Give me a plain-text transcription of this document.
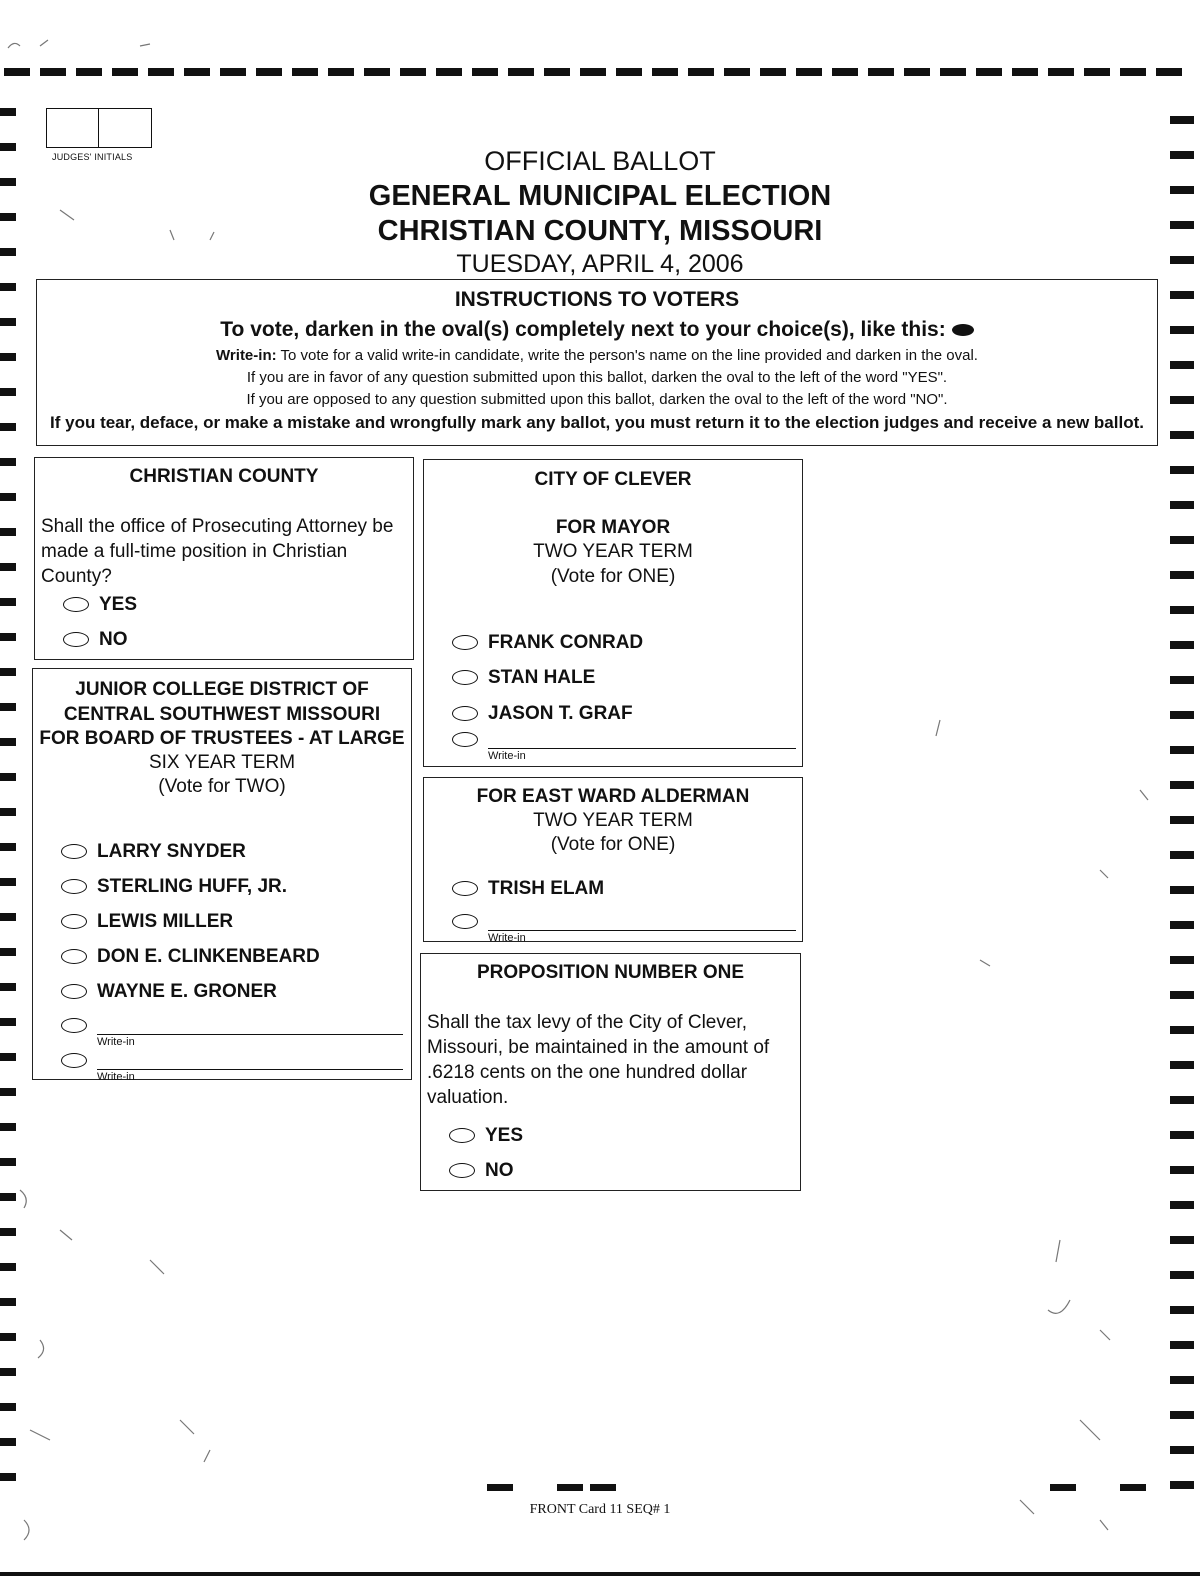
JUDGES' INITIALS	OFFICIAL BALLOT
GENERAL MUNICIPAL ELECTION
CHRISTIAN COUNTY, MISSOURI
TUESDAY, APRIL 4, 2006
INSTRUCTIONS TO VOTERS
To vote, darken in the oval(s) completely next to your choice(s), like this:
Write-in: To vote for a valid write-in candidate, write the person's name on the line provided and darken in the oval.
If you are in favor of any question submitted upon this ballot, darken the oval to the left of the word "YES".
If you are opposed to any question submitted upon this ballot, darken the oval to the left of the word "NO".
If you tear, deface, or make a mistake and wrongfully mark any ballot, you must return it to the election judges and receive a new ballot.
CHRISTIAN COUNTY
Shall the office of Prosecuting Attorney be
made a full-time position in Christian County?
YES
NO
JUNIOR COLLEGE DISTRICT OF
CENTRAL SOUTHWEST MISSOURI
FOR BOARD OF TRUSTEES - AT LARGE
SIX YEAR TERM
(Vote for TWO)
LARRY SNYDER
STERLING HUFF, JR.
LEWIS MILLER
DON E. CLINKENBEARD
WAYNE E. GRONER
Write-in
Write-in
CITY OF CLEVER
FOR MAYOR
TWO YEAR TERM
(Vote for ONE)
FRANK CONRAD
STAN HALE
JASON T. GRAF
Write-in
FOR EAST WARD ALDERMAN
TWO YEAR TERM
(Vote for ONE)
TRISH ELAM
Write-in
PROPOSITION NUMBER ONE
Shall the tax levy of the City of Clever,
Missouri, be maintained in the amount of
.6218 cents on the one hundred dollar
valuation.
YES
NO
FRONT Card 11 SEQ# 1
